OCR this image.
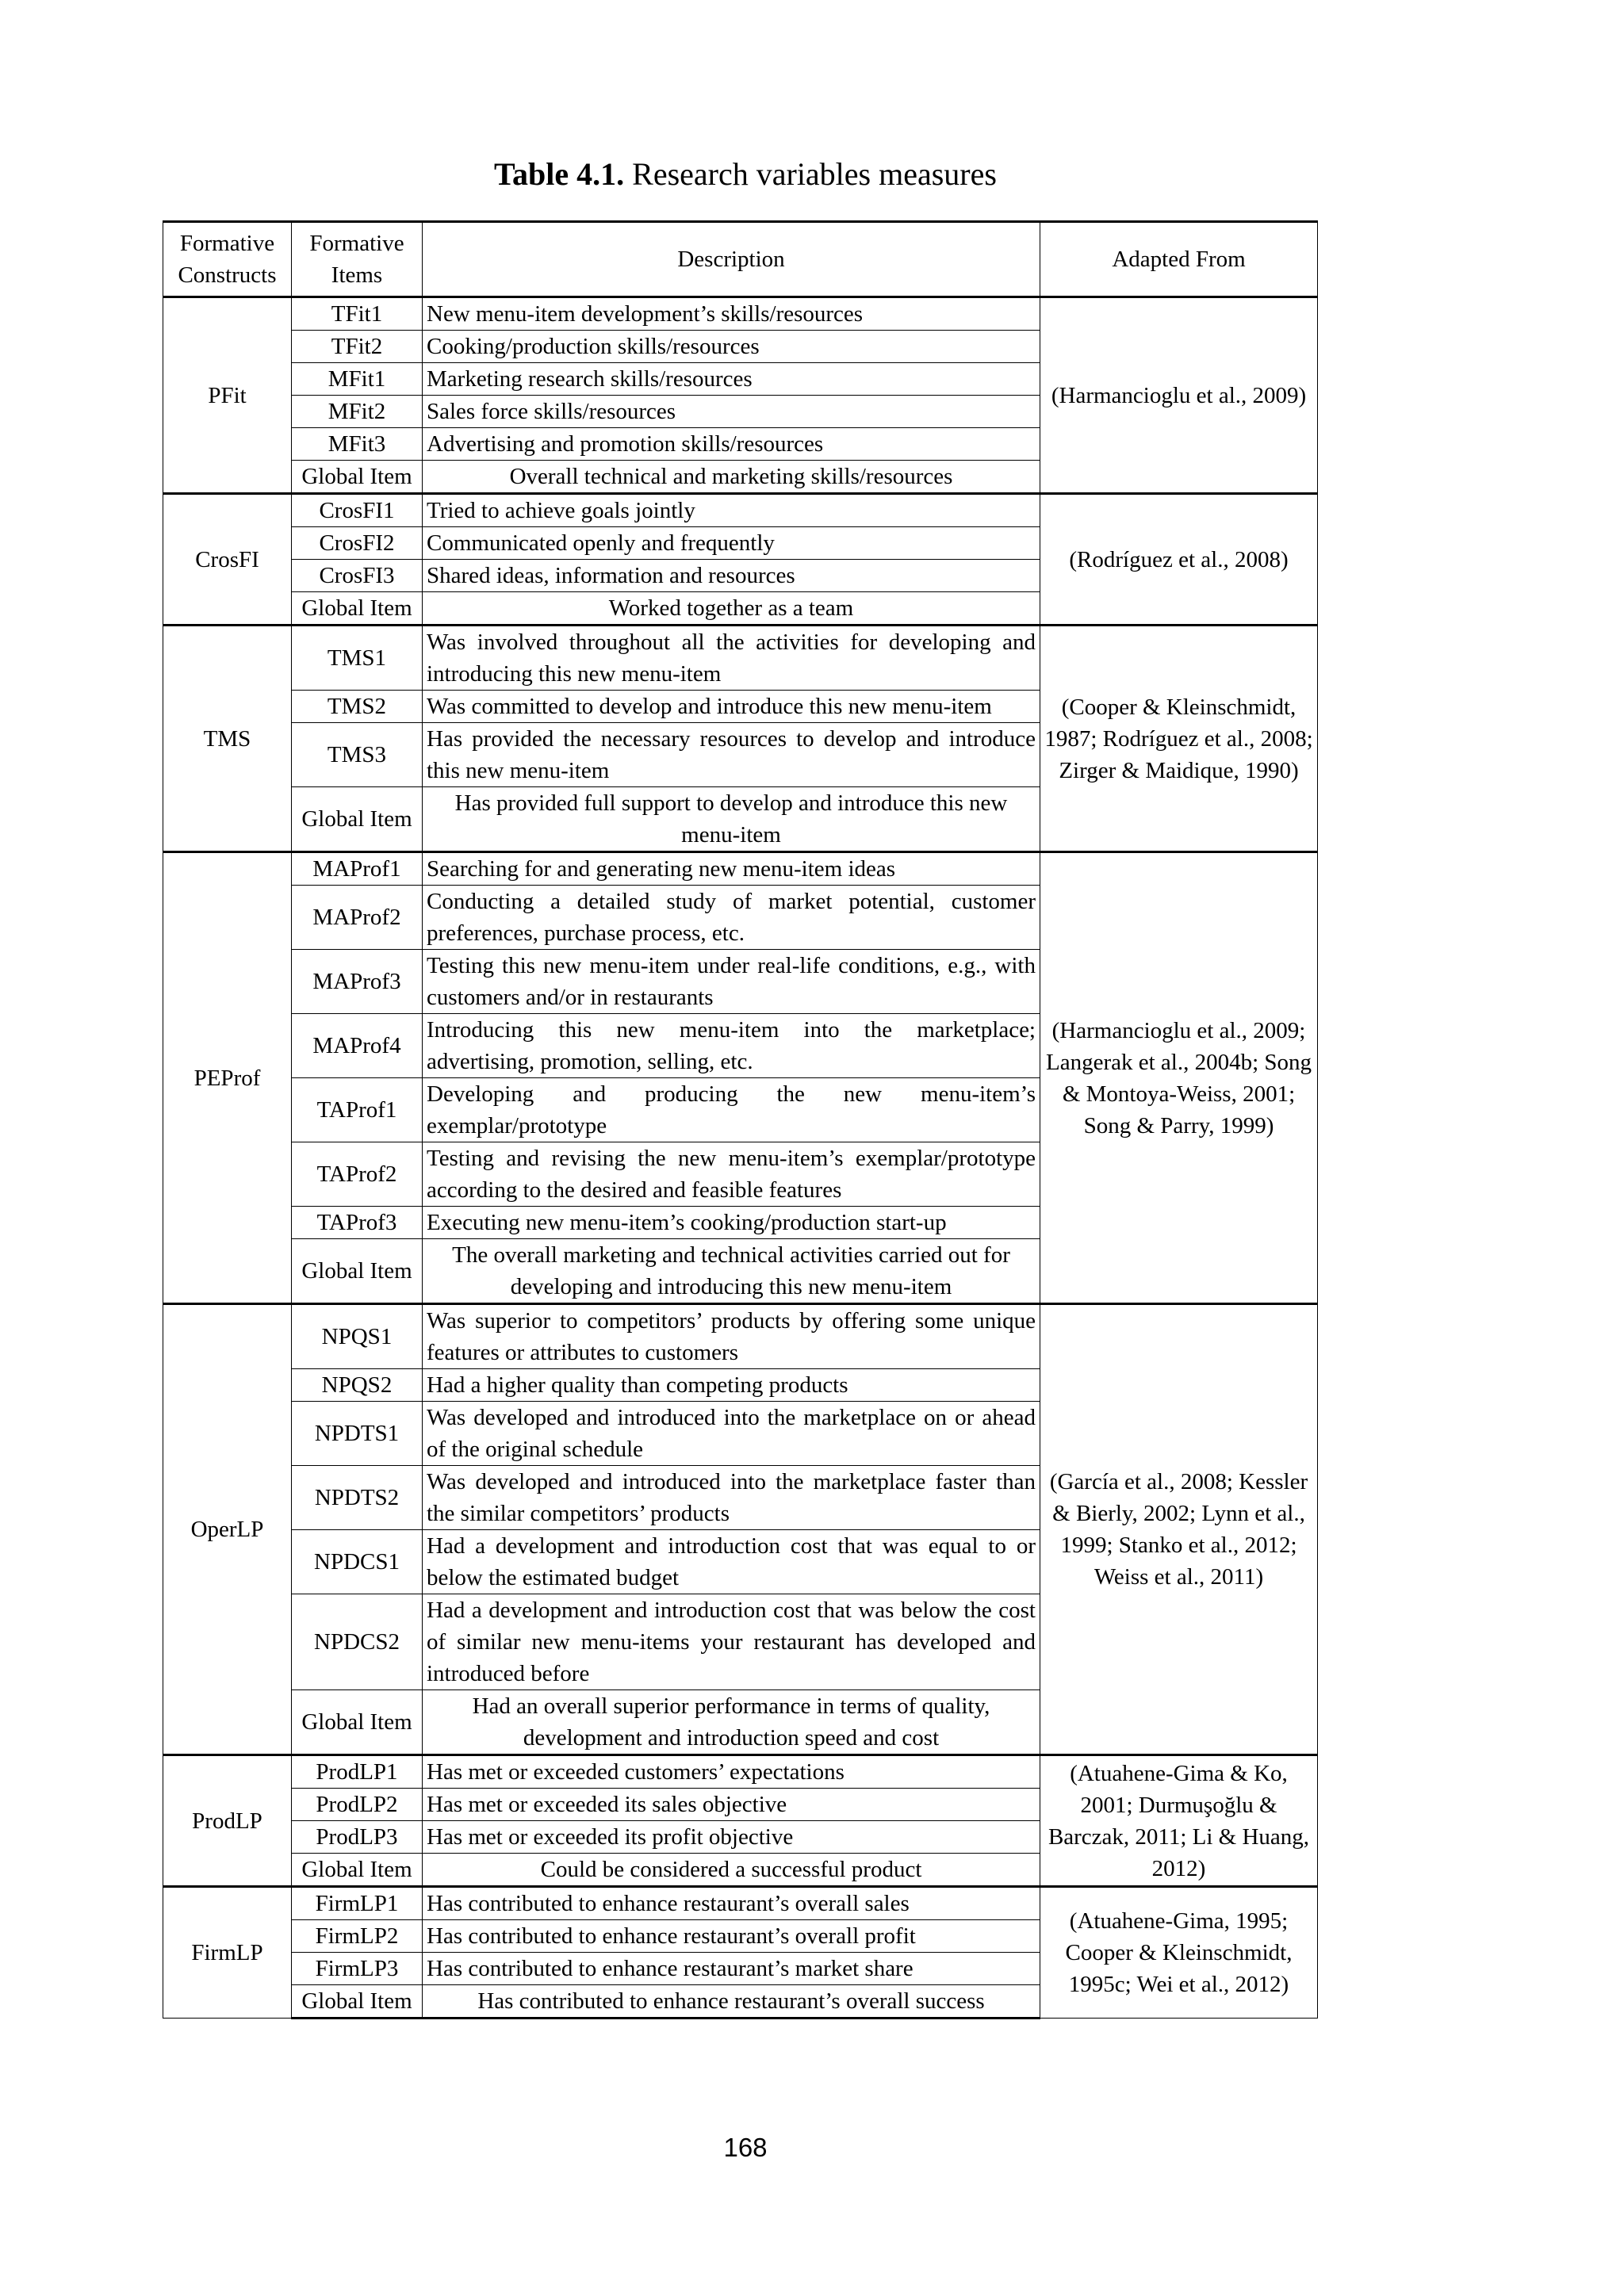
Table 4.1. Research variables measures
Formative Constructs	Formative Items	Description	Adapted From
PFit	TFit1	New menu-item development’s skills/resources	(Harmancioglu et al., 2009)
	TFit2	Cooking/production skills/resources	
	MFit1	Marketing research skills/resources	
	MFit2	Sales force skills/resources	
	MFit3	Advertising and promotion skills/resources	
	Global Item	Overall technical and marketing skills/resources	
CrosFI	CrosFI1	Tried to achieve goals jointly	(Rodríguez et al., 2008)
	CrosFI2	Communicated openly and frequently	
	CrosFI3	Shared ideas, information and resources	
	Global Item	Worked together as a team	
TMS	TMS1	Was involved throughout all the activities for developing and introducing this new menu-item	(Cooper & Kleinschmidt, 1987; Rodríguez et al., 2008; Zirger & Maidique, 1990)
	TMS2	Was committed to develop and introduce this new menu-item	
	TMS3	Has provided the necessary resources to develop and introduce this new menu-item	
	Global Item	Has provided full support to develop and introduce this new menu-item	
PEProf	MAProf1	Searching for and generating new menu-item ideas	(Harmancioglu et al., 2009; Langerak et al., 2004b; Song & Montoya-Weiss, 2001; Song & Parry, 1999)
	MAProf2	Conducting a detailed study of market potential, customer preferences, purchase process, etc.	
	MAProf3	Testing this new menu-item under real-life conditions, e.g., with customers and/or in restaurants	
	MAProf4	Introducing this new menu-item into the marketplace; advertising, promotion, selling, etc.	
	TAProf1	Developing and producing the new menu-item’s exemplar/prototype	
	TAProf2	Testing and revising the new menu-item’s exemplar/prototype according to the desired and feasible features	
	TAProf3	Executing new menu-item’s cooking/production start-up	
	Global Item	The overall marketing and technical activities carried out for developing and introducing this new menu-item	
OperLP	NPQS1	Was superior to competitors’ products by offering some unique features or attributes to customers	(García et al., 2008; Kessler & Bierly, 2002; Lynn et al., 1999; Stanko et al., 2012; Weiss et al., 2011)
	NPQS2	Had a higher quality than competing products	
	NPDTS1	Was developed and introduced into the marketplace on or ahead of the original schedule	
	NPDTS2	Was developed and introduced into the marketplace faster than the similar competitors’ products	
	NPDCS1	Had a development and introduction cost that was equal to or below the estimated budget	
	NPDCS2	Had a development and introduction cost that was below the cost of similar new menu-items your restaurant has developed and introduced before	
	Global Item	Had an overall superior performance in terms of quality, development and introduction speed and cost	
ProdLP	ProdLP1	Has met or exceeded customers’ expectations	(Atuahene-Gima & Ko, 2001; Durmuşoğlu & Barczak, 2011; Li & Huang, 2012)
	ProdLP2	Has met or exceeded its sales objective	
	ProdLP3	Has met or exceeded its profit objective	
	Global Item	Could be considered a successful product	
FirmLP	FirmLP1	Has contributed to enhance restaurant’s overall sales	(Atuahene-Gima, 1995; Cooper & Kleinschmidt, 1995c; Wei et al., 2012)
	FirmLP2	Has contributed to enhance restaurant’s overall profit	
	FirmLP3	Has contributed to enhance restaurant’s market share	
	Global Item	Has contributed to enhance restaurant’s overall success	
168
